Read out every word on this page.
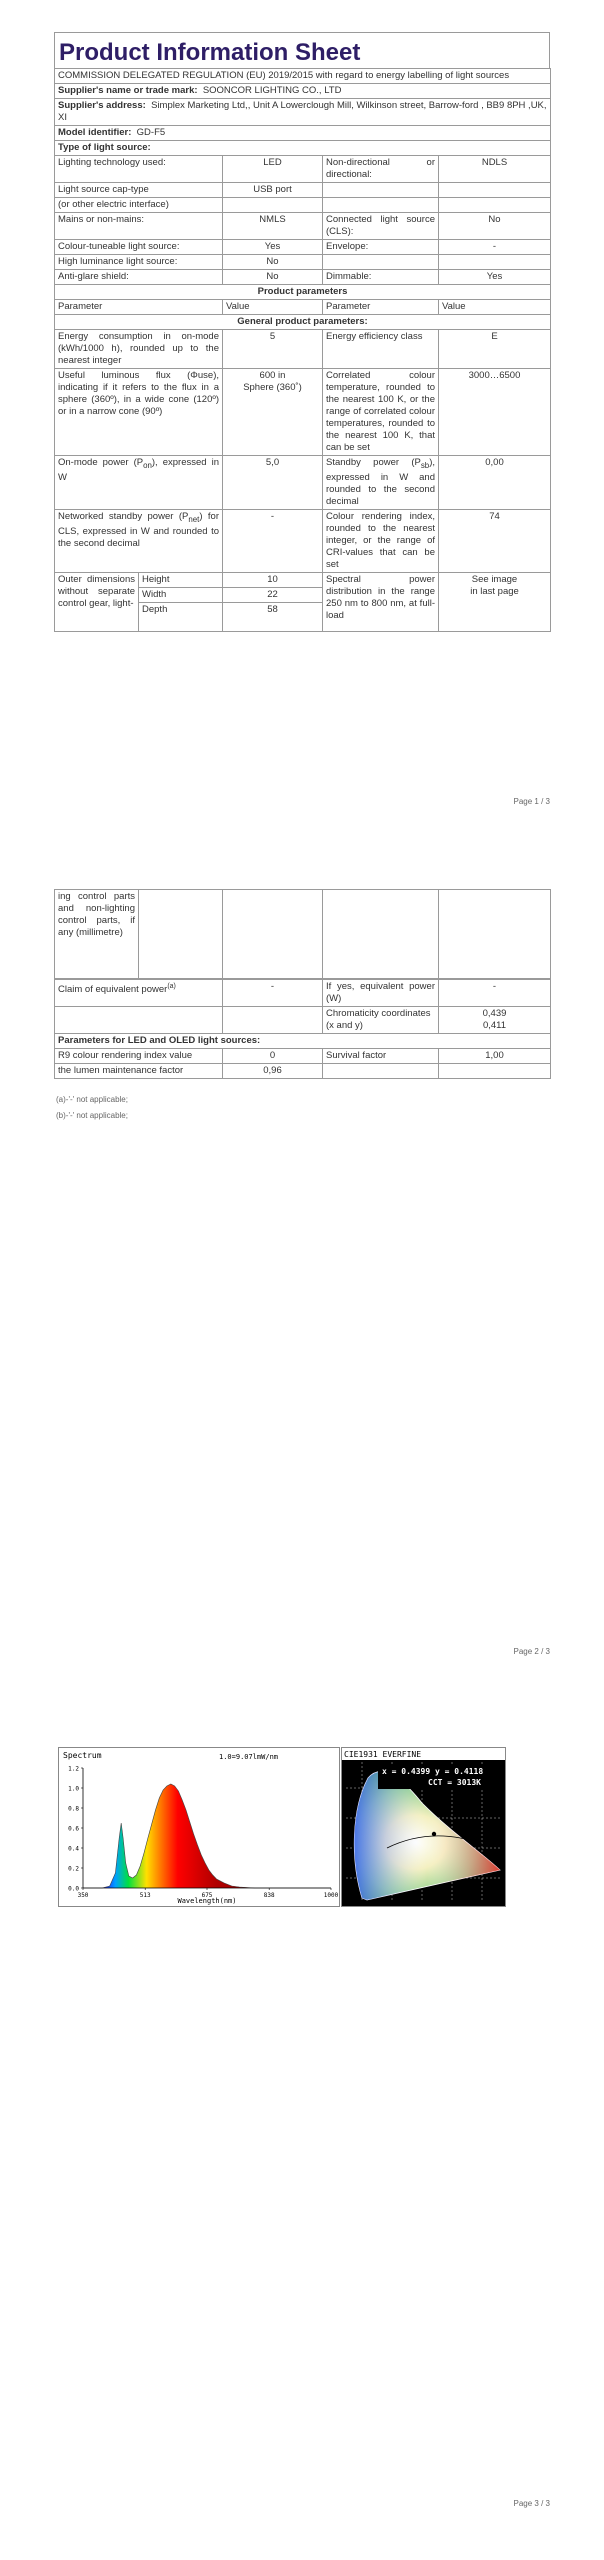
Product Information Sheet
COMMISSION DELEGATED REGULATION (EU) 2019/2015 with regard to energy labelling of light sources			
Supplier's name or trade mark: SOONCOR LIGHTING CO., LTD			
Supplier's address: Simplex Marketing Ltd,, Unit A Lowerclough Mill, Wilkinson street, Barrow-ford , BB9 8PH ,UK, XI			
Model identifier: GD-F5			
Type of light source:			
Lighting technology used:	LED	Non-directional or directional:	NDLS
Light source cap-type	USB port		
(or other electric interface)			
Mains or non-mains:	NMLS	Connected light source (CLS):	No
Colour-tuneable light source:	Yes	Envelope:	-
High luminance light source:	No		
Anti-glare shield:	No	Dimmable:	Yes
Product parameters			
Parameter	Value	Parameter	Value
General product parameters:			
Energy consumption in on-mode (kWh/1000 h), rounded up to the nearest integer	5	Energy efficiency class	E
Useful luminous flux (Φuse), indicating if it refers to the flux in a sphere (360º), in a wide cone (120º) or in a narrow cone (90º)	600 in
Sphere (360˚)	Correlated colour temperature, rounded to the nearest 100 K, or the range of correlated colour temperatures, rounded to the nearest 100 K, that can be set	3000…6500
On-mode power $(P_{on})$, expressed in W	5,0	Standby power $(P_{sb})$, expressed in W and rounded to the second decimal	0,00
Networked standby power $(P_{net})$ for CLS, expressed in W and rounded to the second decimal	-	Colour rendering index, rounded to the nearest integer, or the range of CRI-values that can be set	74
Outer dimensions without separate control gear, light-	Height	10	Spectral power distribution in the range 250 nm to 800 nm, at full-load	See image
in last page
	Width	22		
	Depth	58		
Page 1 / 3
ing control parts and non-lighting control parts, if any (millimetre)				
Claim of equivalent power$^{(a)}$	-	If yes, equivalent power (W)	-
		Chromaticity coordinates (x and y)	0,439
0,411
Parameters for LED and OLED light sources:			
R9 colour rendering index value	0	Survival factor	1,00
the lumen maintenance factor	0,96		
(a)-'-' not applicable;
(b)-'-' not applicable;
Page 2 / 3
Spectrum	1.0=9.07lmW/nm
0.0
0.2
0.4
0.6
0.8
1.0
1.2
350	513	675	838	1000
Wavelength(nm)
CIE1931 EVERFINE
x = 0.4399 y = 0.4118
CCT = 3013K
Page 3 / 3
